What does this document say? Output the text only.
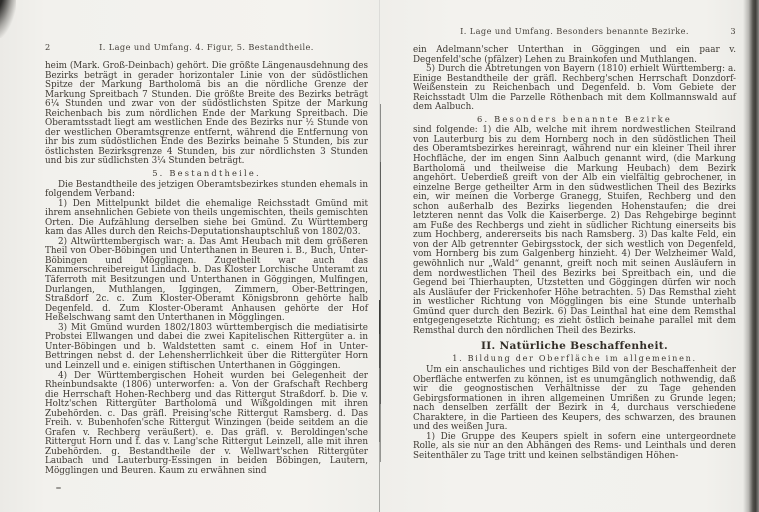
2	I. Lage und Umfang. 4. Figur, 5. Bestandtheile.

heim (Mark. Groß-Deinbach) gehört. Die größte Längenausdehnung des Bezirks beträgt in gerader horizontaler Linie von der südöstlichen Spitze der Markung Bartholomä bis an die nördliche Grenze der Markung Spreitbach 7 Stunden. Die größte Breite des Bezirks beträgt 6¼ Stunden und zwar von der südöstlichsten Spitze der Markung Reichenbach bis zum nördlichen Ende der Markung Spreitbach. Die Oberamtsstadt liegt am westlichen Ende des Bezirks nur ½ Stunde von der westlichen Oberamtsgrenze entfernt, während die Entfernung von ihr bis zum südöstlichen Ende des Bezirks beinahe 5 Stunden, bis zur östlichsten Bezirksgrenze 4 Stunden, bis zur nördlichsten 3 Stunden und bis zur südlichsten 3¼ Stunden beträgt.

5. Bestandtheile.

Die Bestandtheile des jetzigen Oberamtsbezirkes stunden ehemals in folgendem Verband:

1) Den Mittelpunkt bildet die ehemalige Reichsstadt Gmünd mit ihrem ansehnlichen Gebiete von theils ungemischten, theils gemischten Orten. Die Aufzählung derselben siehe bei Gmünd. Zu Württemberg kam das Alles durch den Reichs-Deputationshauptschluß von 1802/03.

2) Altwürttembergisch war: a. Das Amt Heubach mit dem größeren Theil von Ober-Böbingen und Unterthanen in Beuren i. B., Buch, Unter-Böbingen und Mögglingen. Zugetheilt war auch das Kammerschreibereigut Lindach. b. Das Kloster Lorchische Unteramt zu Täferroth mit Besitzungen und Unterthanen in Göggingen, Mulfingen, Durlangen, Muthlangen, Iggingen, Zimmern, Ober-Bettringen, Straßdorf 2c. c. Zum Kloster-Oberamt Königsbronn gehörte halb Degenfeld. d. Zum Kloster-Oberamt Anhausen gehörte der Hof Heßelschwang samt den Unterthanen in Mögglingen.

3) Mit Gmünd wurden 1802/1803 württembergisch die mediatisirte Probstei Ellwangen und dabei die zwei Kapitelischen Rittergüter a. in Unter-Böbingen und b. Waldstetten samt c. einem Hof in Unter-Bettringen nebst d. der Lehensherrlichkeit über die Rittergüter Horn und Leinzell und e. einigen stiftischen Unterthanen in Göggingen.

4) Der Württembergischen Hoheit wurden bei Gelegenheit der Rheinbundsakte (1806) unterworfen: a. Von der Grafschaft Rechberg die Herrschaft Hohen-Rechberg und das Rittergut Straßdorf. b. Die v. Holtz'schen Rittergüter Bartholomä und Wißgoldingen mit ihren Zubehörden. c. Das gräfl. Preising'sche Rittergut Ramsberg. d. Das Freih. v. Bubenhofen'sche Rittergut Winzingen (beide seitdem an die Grafen v. Rechberg veräußert). e. Das gräfl. v. Beroldingen'sche Rittergut Horn und f. das v. Lang'sche Rittergut Leinzell, alle mit ihren Zubehörden. g. Bestandtheile der v. Wellwart'schen Rittergüter Laubach und Lauterburg-Essingen in beiden Böbingen, Lautern, Mögglingen und Beuren. Kaum zu erwähnen sind

I. Lage und Umfang. Besonders benannte Bezirke.	3

ein Adelmann'scher Unterthan in Göggingen und ein paar v. Degenfeld'sche (pfälzer) Lehen zu Brainkofen und Muthlangen.

5) Durch die Abtretungen von Bayern (1810) erhielt Württemberg: a. Einige Bestandtheile der gräfl. Rechberg'schen Herrschaft Donzdorf-Weißenstein zu Reichenbach und Degenfeld. b. Vom Gebiete der Reichsstadt Ulm die Parzelle Röthenbach mit dem Kollmannswald auf dem Aalbuch.

6. Besonders benannte Bezirke

sind folgende: 1) die Alb, welche mit ihrem nordwestlichen Steilrand von Lauterburg bis zu dem Hornberg noch in den südöstlichen Theil des Oberamtsbezirkes hereinragt, während nur ein kleiner Theil ihrer Hochfläche, der im engen Sinn Aalbuch genannt wird, (die Markung Bartholomä und theilweise die Markung Heubach) dem Bezirk angehört. Ueberdieß greift von der Alb ein vielfältig gebrochener, in einzelne Berge getheilter Arm in den südwestlichen Theil des Bezirks ein, wir meinen die Vorberge Granegg, Stuifen, Rechberg und den schon außerhalb des Bezirks liegenden Hohenstaufen; die drei letzteren nennt das Volk die Kaiserberge. 2) Das Rehgebirge beginnt am Fuße des Rechbergs und zieht in südlicher Richtung einerseits bis zum Hochberg, andererseits bis nach Ramsberg. 3) Das kalte Feld, ein von der Alb getrennter Gebirgsstock, der sich westlich von Degenfeld, vom Hornberg bis zum Galgenberg hinzieht. 4) Der Welzheimer Wald, gewöhnlich nur „Wald“ genannt, greift noch mit seinen Ausläufern in dem nordwestlichen Theil des Bezirks bei Spreitbach ein, und die Gegend bei Thierhaupten, Utzstetten und Göggingen dürfen wir noch als Ausläufer der Frickenhofer Höhe betrachten. 5) Das Remsthal zieht in westlicher Richtung von Mögglingen bis eine Stunde unterhalb Gmünd quer durch den Bezirk. 6) Das Leinthal hat eine dem Remsthal entgegengesetzte Richtung; es zieht östlich beinahe parallel mit dem Remsthal durch den nördlichen Theil des Bezirks.

II. Natürliche Beschaffenheit.

1. Bildung der Oberfläche im allgemeinen.

Um ein anschauliches und richtiges Bild von der Beschaffenheit der Oberfläche entwerfen zu können, ist es unumgänglich nothwendig, daß wir die geognostischen Verhältnisse der zu Tage gehenden Gebirgsformationen in ihren allgemeinen Umrißen zu Grunde legen; nach denselben zerfällt der Bezirk in 4, durchaus verschiedene Charaktere, in die Partieen des Keupers, des schwarzen, des braunen und des weißen Jura.

1) Die Gruppe des Keupers spielt in sofern eine untergeordnete Rolle, als sie nur an den Abhängen des Rems- und Leinthals und deren Seitenthäler zu Tage tritt und keinen selbständigen Höhen-
